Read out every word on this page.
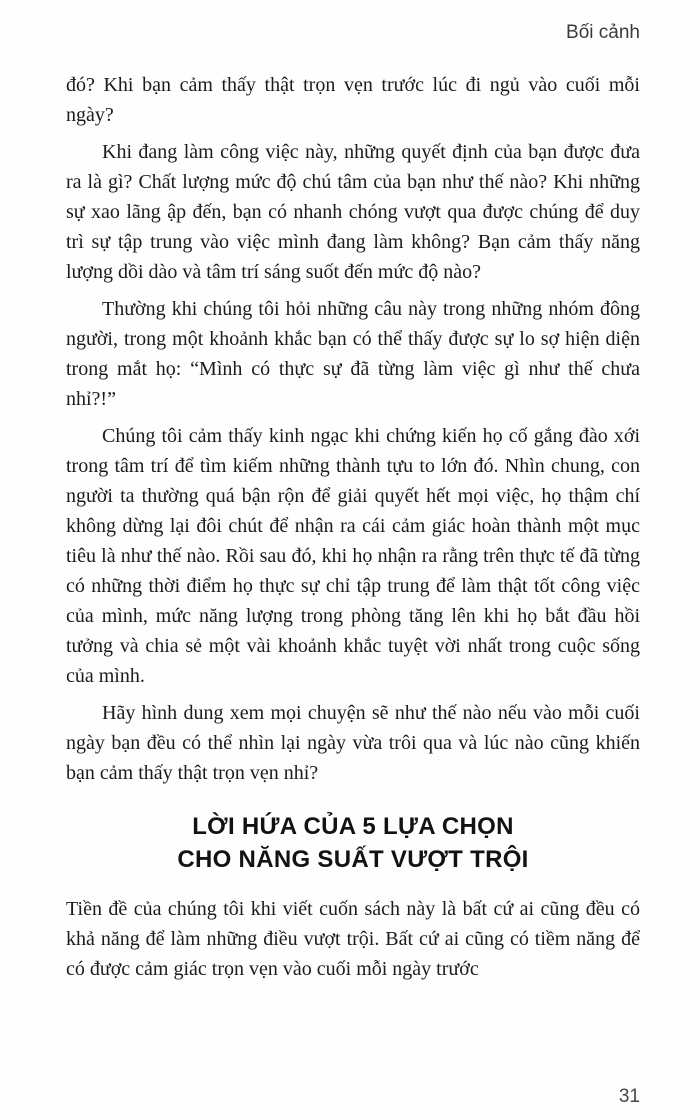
Bối cảnh

đó? Khi bạn cảm thấy thật trọn vẹn trước lúc đi ngủ vào cuối mỗi ngày?

Khi đang làm công việc này, những quyết định của bạn được đưa ra là gì? Chất lượng mức độ chú tâm của bạn như thế nào? Khi những sự xao lãng ập đến, bạn có nhanh chóng vượt qua được chúng để duy trì sự tập trung vào việc mình đang làm không? Bạn cảm thấy năng lượng dồi dào và tâm trí sáng suốt đến mức độ nào?

Thường khi chúng tôi hỏi những câu này trong những nhóm đông người, trong một khoảnh khắc bạn có thể thấy được sự lo sợ hiện diện trong mắt họ: “Mình có thực sự đã từng làm việc gì như thế chưa nhỉ?!”

Chúng tôi cảm thấy kinh ngạc khi chứng kiến họ cố gắng đào xới trong tâm trí để tìm kiếm những thành tựu to lớn đó. Nhìn chung, con người ta thường quá bận rộn để giải quyết hết mọi việc, họ thậm chí không dừng lại đôi chút để nhận ra cái cảm giác hoàn thành một mục tiêu là như thế nào. Rồi sau đó, khi họ nhận ra rằng trên thực tế đã từng có những thời điểm họ thực sự chỉ tập trung để làm thật tốt công việc của mình, mức năng lượng trong phòng tăng lên khi họ bắt đầu hồi tưởng và chia sẻ một vài khoảnh khắc tuyệt vời nhất trong cuộc sống của mình.

Hãy hình dung xem mọi chuyện sẽ như thế nào nếu vào mỗi cuối ngày bạn đều có thể nhìn lại ngày vừa trôi qua và lúc nào cũng khiến bạn cảm thấy thật trọn vẹn nhỉ?

LỜI HỨA CỦA 5 LỰA CHỌN
CHO NĂNG SUẤT VƯỢT TRỘI

Tiền đề của chúng tôi khi viết cuốn sách này là bất cứ ai cũng đều có khả năng để làm những điều vượt trội. Bất cứ ai cũng có tiềm năng để có được cảm giác trọn vẹn vào cuối mỗi ngày trước

31
